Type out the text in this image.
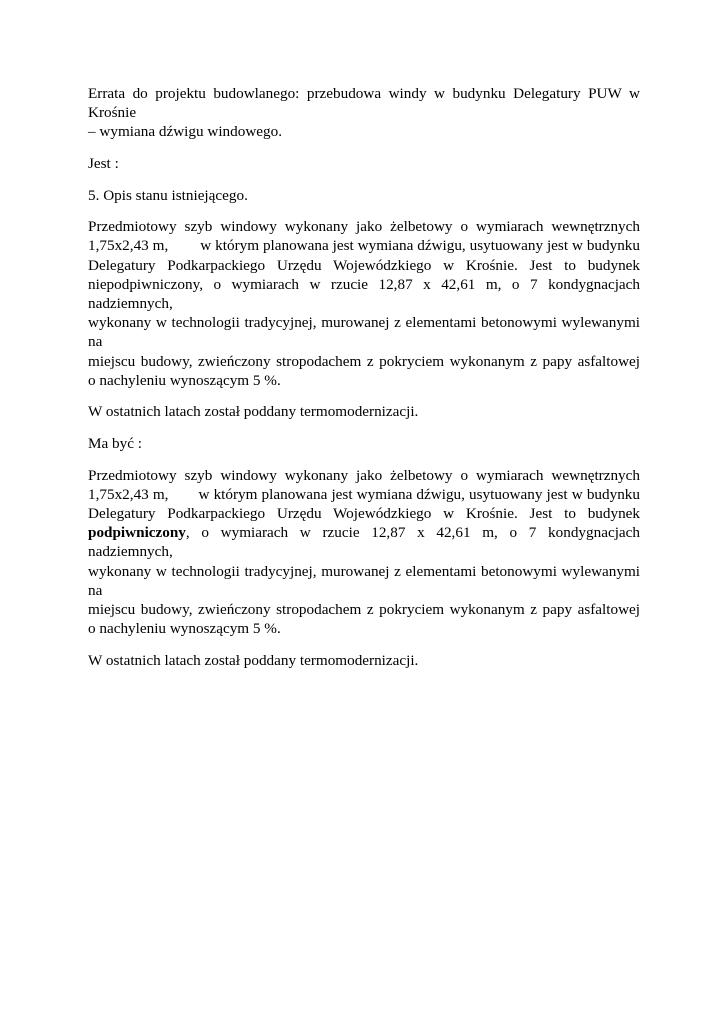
Errata do projektu budowlanego: przebudowa windy w budynku Delegatury PUW w Krośnie
– wymiana dźwigu windowego.

Jest :

5. Opis stanu istniejącego.

Przedmiotowy szyb windowy wykonany jako żelbetowy o wymiarach wewnętrznych
1,75x2,43 m, w którym planowana jest wymiana dźwigu, usytuowany jest w budynku
Delegatury Podkarpackiego Urzędu Wojewódzkiego w Krośnie. Jest to budynek
niepodpiwniczony, o wymiarach w rzucie 12,87 x 42,61 m, o 7 kondygnacjach nadziemnych,
wykonany w technologii tradycyjnej, murowanej z elementami betonowymi wylewanymi na
miejscu budowy, zwieńczony stropodachem z pokryciem wykonanym z papy asfaltowej
o nachyleniu wynoszącym 5 %.

W ostatnich latach został poddany termomodernizacji.

Ma być :

Przedmiotowy szyb windowy wykonany jako żelbetowy o wymiarach wewnętrznych
1,75x2,43 m, w którym planowana jest wymiana dźwigu, usytuowany jest w budynku
Delegatury Podkarpackiego Urzędu Wojewódzkiego w Krośnie. Jest to budynek
podpiwniczony, o wymiarach w rzucie 12,87 x 42,61 m, o 7 kondygnacjach nadziemnych,
wykonany w technologii tradycyjnej, murowanej z elementami betonowymi wylewanymi na
miejscu budowy, zwieńczony stropodachem z pokryciem wykonanym z papy asfaltowej
o nachyleniu wynoszącym 5 %.

W ostatnich latach został poddany termomodernizacji.
